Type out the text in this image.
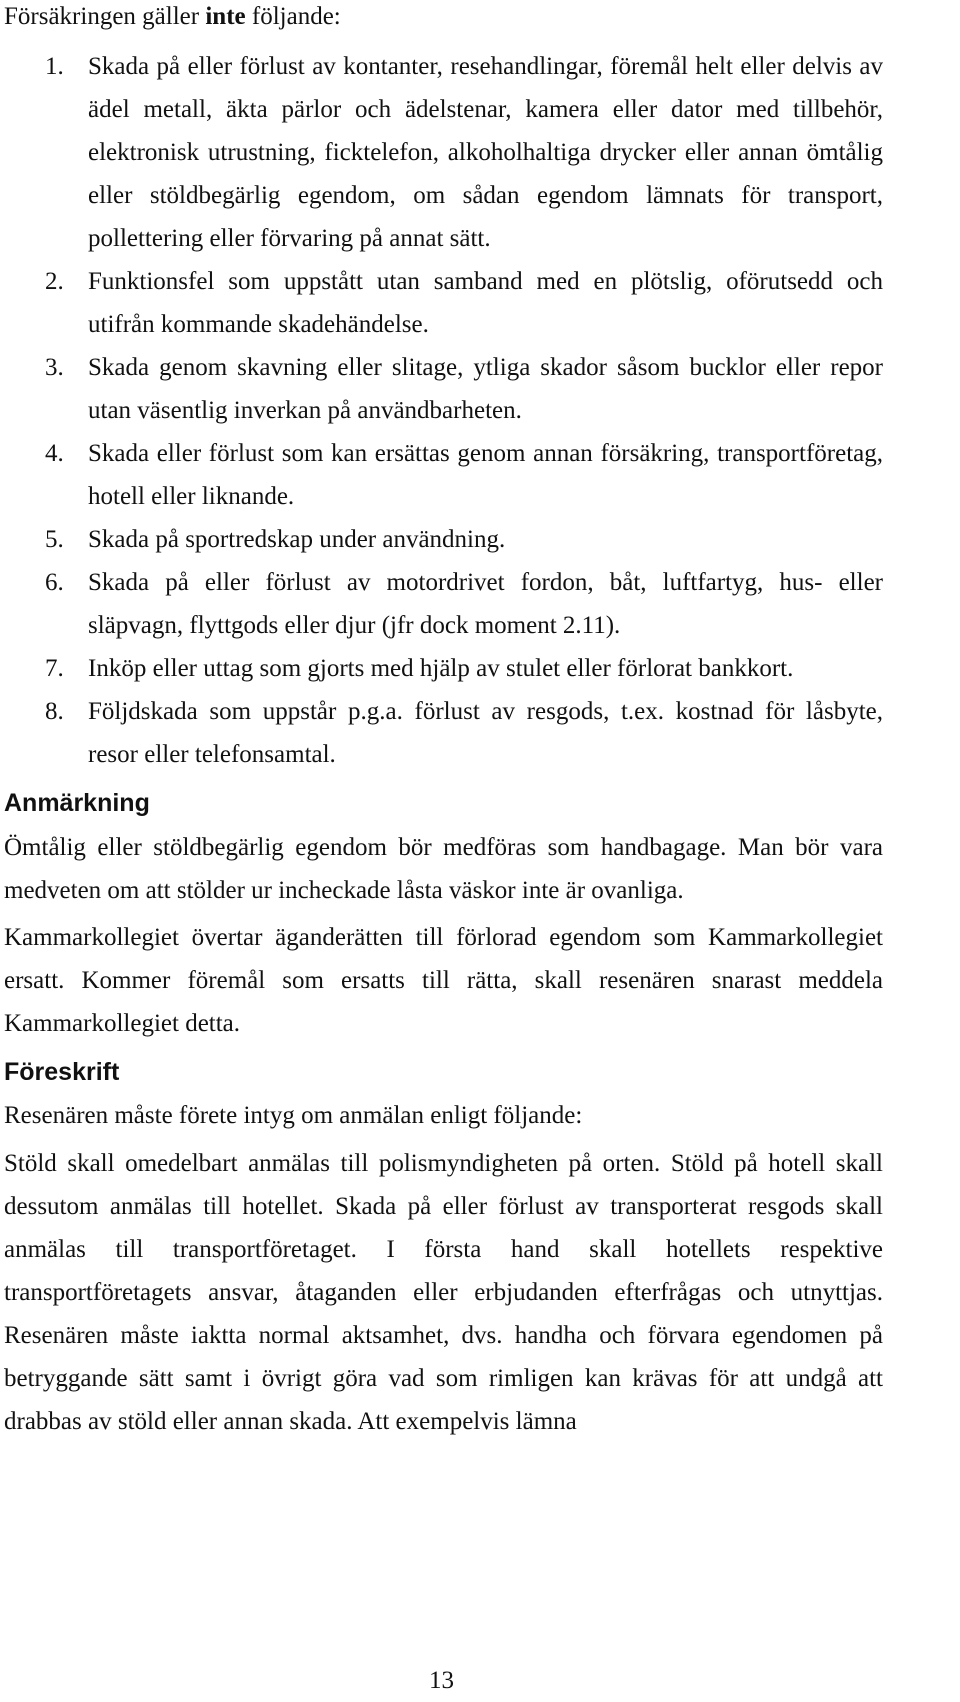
Försäkringen gäller inte följande:

1. Skada på eller förlust av kontanter, resehandlingar, föremål helt eller delvis av ädel metall, äkta pärlor och ädelstenar, kamera eller dator med tillbehör, elektronisk utrustning, ficktelefon, alkoholhaltiga drycker eller annan ömtålig eller stöldbegärlig egendom, om sådan egendom lämnats för transport, pollettering eller förvaring på annat sätt.
2. Funktionsfel som uppstått utan samband med en plötslig, oförutsedd och utifrån kommande skadehändelse.
3. Skada genom skavning eller slitage, ytliga skador såsom bucklor eller repor utan väsentlig inverkan på användbarheten.
4. Skada eller förlust som kan ersättas genom annan försäkring, transportföretag, hotell eller liknande.
5. Skada på sportredskap under användning.
6. Skada på eller förlust av motordrivet fordon, båt, luftfartyg, hus- eller släpvagn, flyttgods eller djur (jfr dock moment 2.11).
7. Inköp eller uttag som gjorts med hjälp av stulet eller förlorat bankkort.
8. Följdskada som uppstår p.g.a. förlust av resgods, t.ex. kostnad för låsbyte, resor eller telefonsamtal.
Anmärkning

Ömtålig eller stöldbegärlig egendom bör medföras som handbagage. Man bör vara medveten om att stölder ur incheckade låsta väskor inte är ovanliga.

Kammarkollegiet övertar äganderätten till förlorad egendom som Kammarkollegiet ersatt. Kommer föremål som ersatts till rätta, skall resenären snarast meddela Kammarkollegiet detta.

Föreskrift

Resenären måste förete intyg om anmälan enligt följande:

Stöld skall omedelbart anmälas till polismyndigheten på orten. Stöld på hotell skall dessutom anmälas till hotellet. Skada på eller förlust av transporterat resgods skall anmälas till transportföretaget. I första hand skall hotellets respektive transportföretagets ansvar, åtaganden eller erbjudanden efterfrågas och utnyttjas. Resenären måste iaktta normal aktsamhet, dvs. handha och förvara egendomen på betryggande sätt samt i övrigt göra vad som rimligen kan krävas för att undgå att drabbas av stöld eller annan skada. Att exempelvis lämna

13
